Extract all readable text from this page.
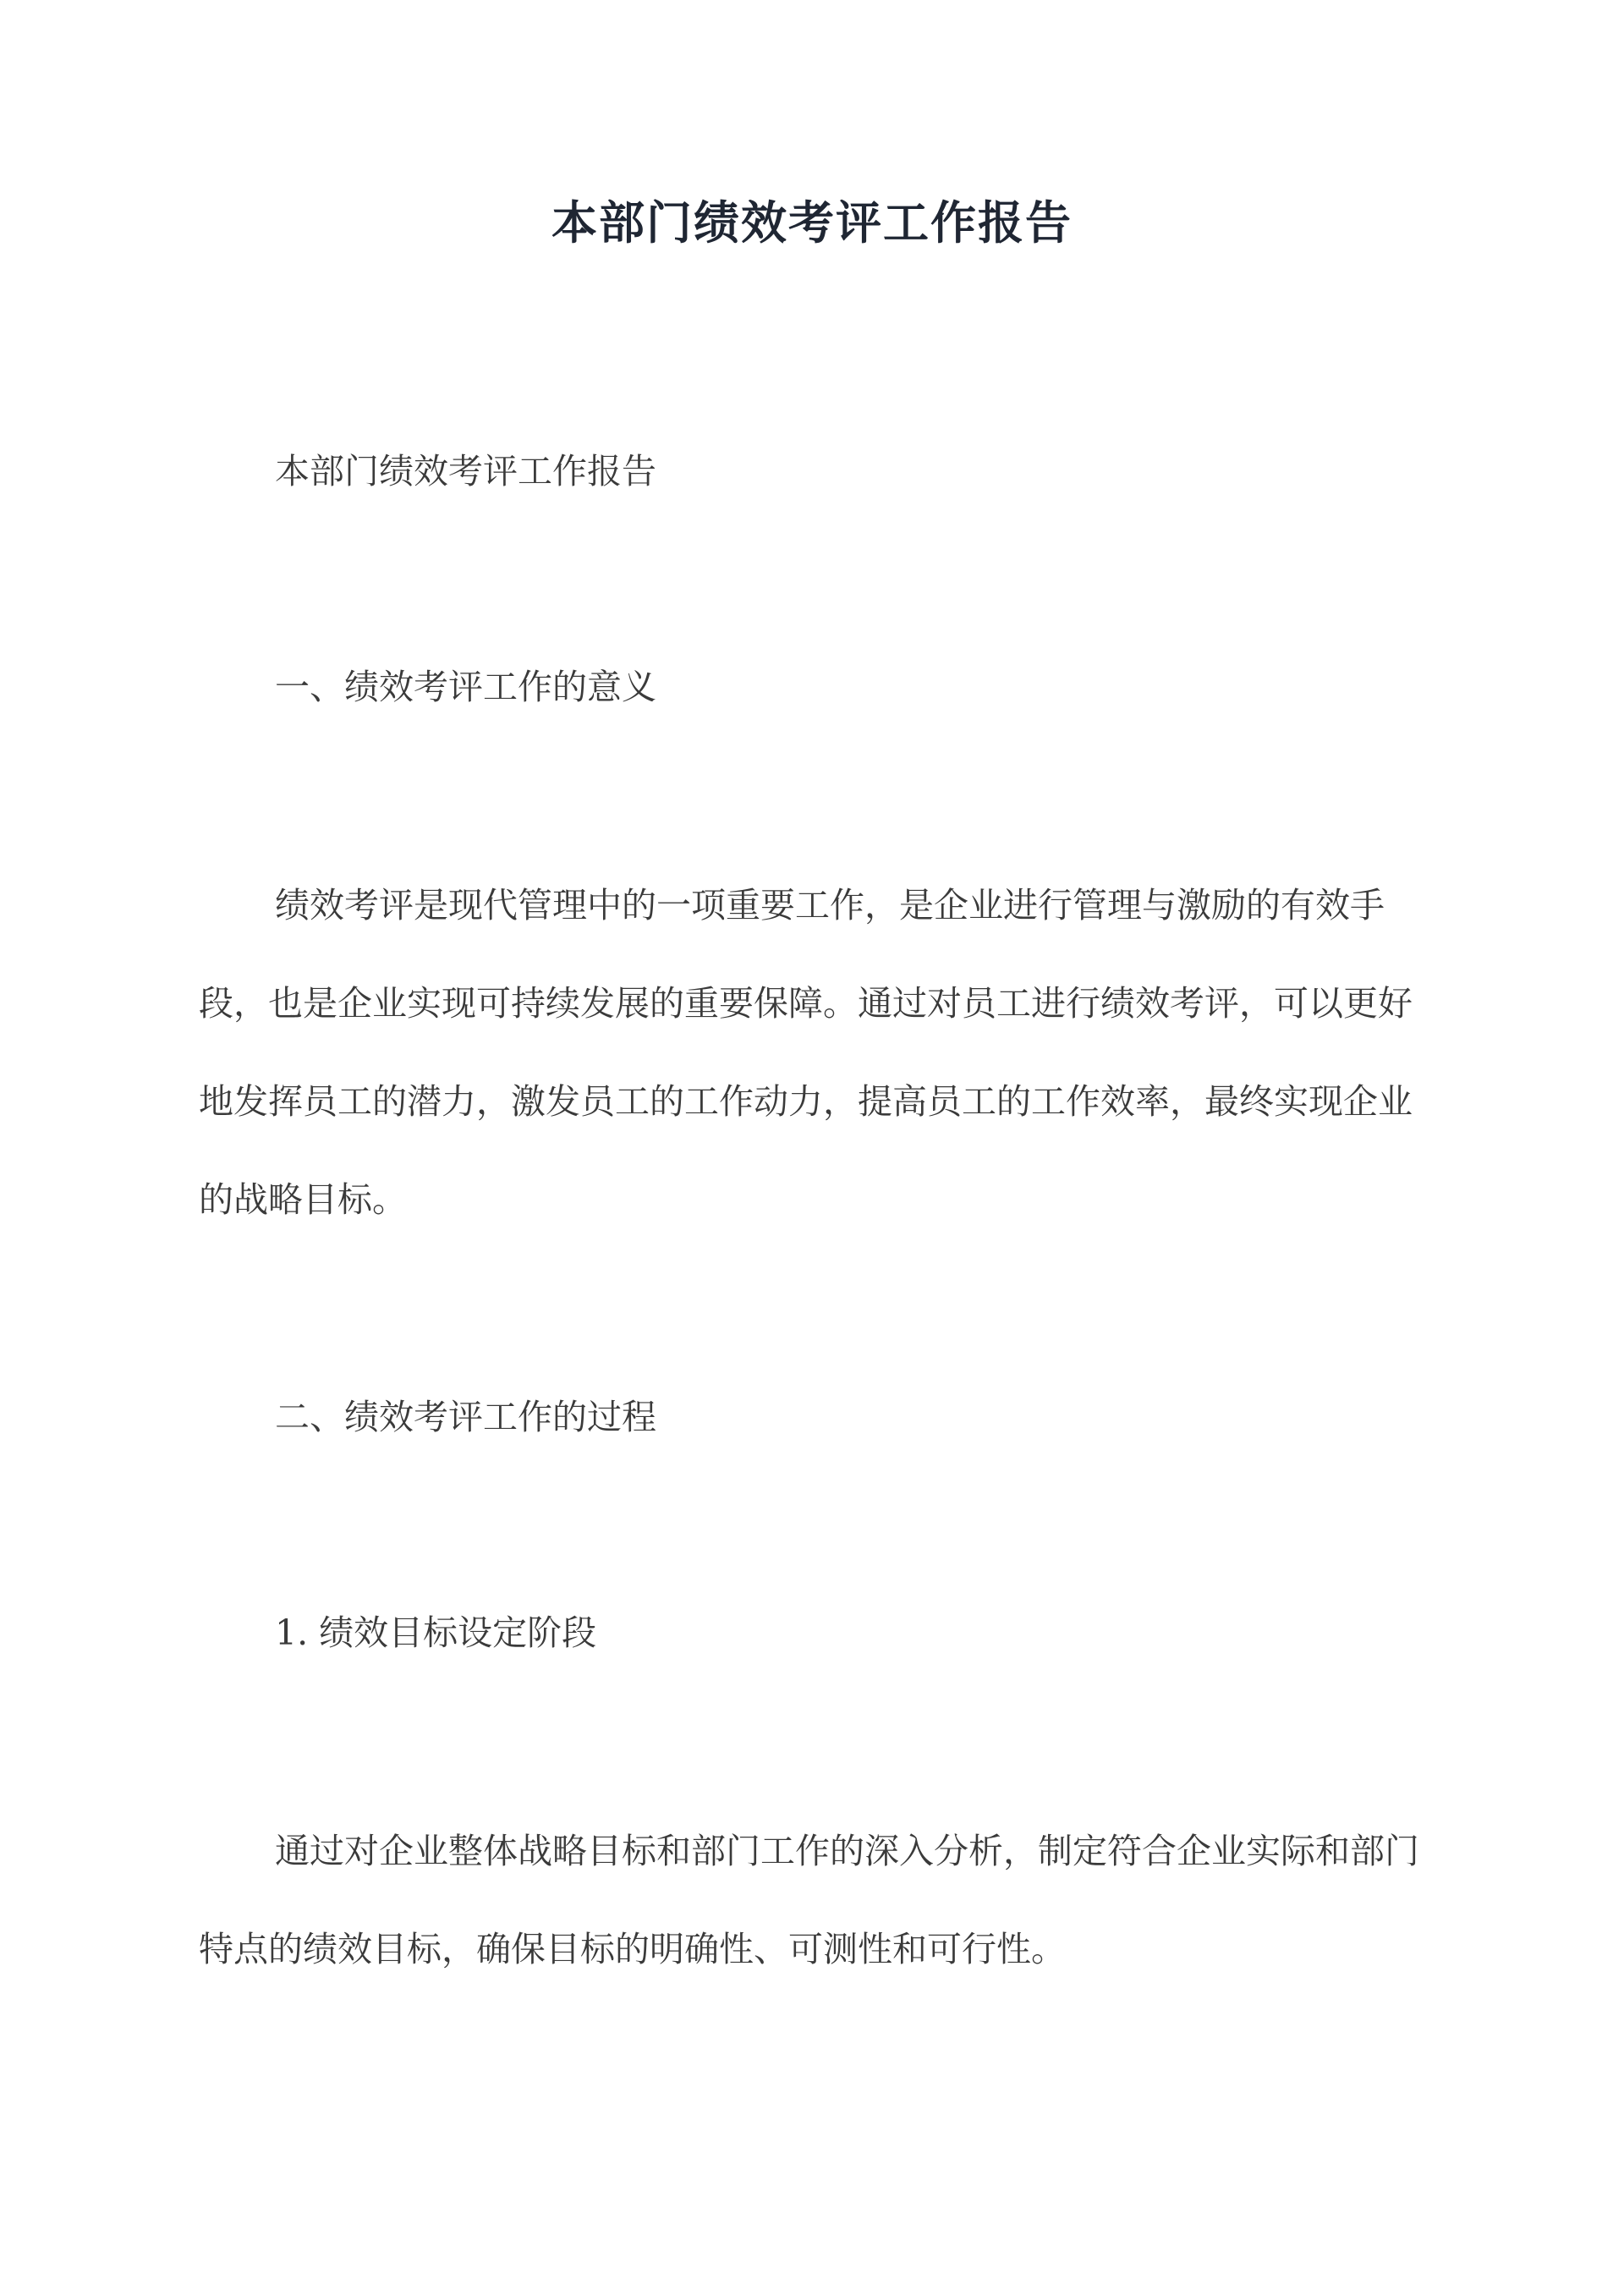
本部门绩效考评工作报告

本部门绩效考评工作报告

一、绩效考评工作的意义

绩效考评是现代管理中的一项重要工作，是企业进行管理与激励的有效手段，也是企业实现可持续发展的重要保障。通过对员工进行绩效考评，可以更好地发挥员工的潜力，激发员工的工作动力，提高员工的工作效率，最终实现企业的战略目标。

二、绩效考评工作的过程

1. 绩效目标设定阶段

通过对企业整体战略目标和部门工作的深入分析，制定符合企业实际和部门特点的绩效目标，确保目标的明确性、可测性和可行性。
